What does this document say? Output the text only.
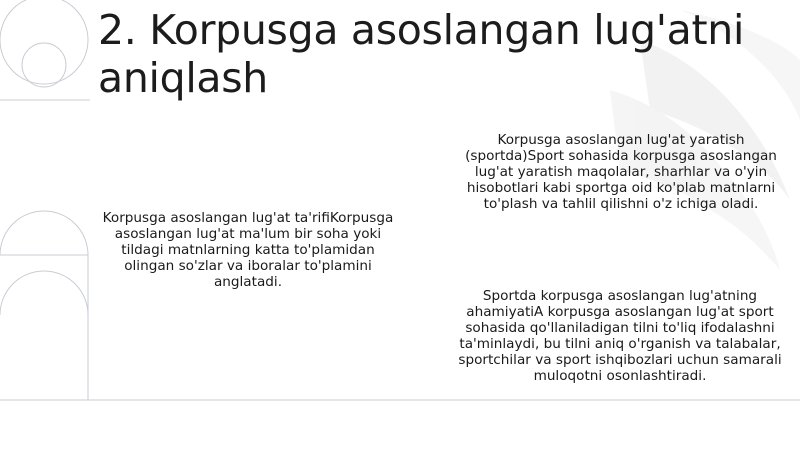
2. Korpusga asoslangan lug'atni aniqlash

Korpusga asoslangan lug'at ta'rifiKorpusga asoslangan lug'at ma'lum bir soha yoki tildagi matnlarning katta to'plamidan olingan so'zlar va iboralar to'plamini anglatadi.

Korpusga asoslangan lug'at yaratish (sportda)Sport sohasida korpusga asoslangan lug'at yaratish maqolalar, sharhlar va o'yin hisobotlari kabi sportga oid ko'plab matnlarni to'plash va tahlil qilishni o'z ichiga oladi.

Sportda korpusga asoslangan lug'atning ahamiyatiA korpusga asoslangan lug'at sport sohasida qo'llaniladigan tilni to'liq ifodalashni ta'minlaydi, bu tilni aniq o'rganish va talabalar, sportchilar va sport ishqibozlari uchun samarali muloqotni osonlashtiradi.
